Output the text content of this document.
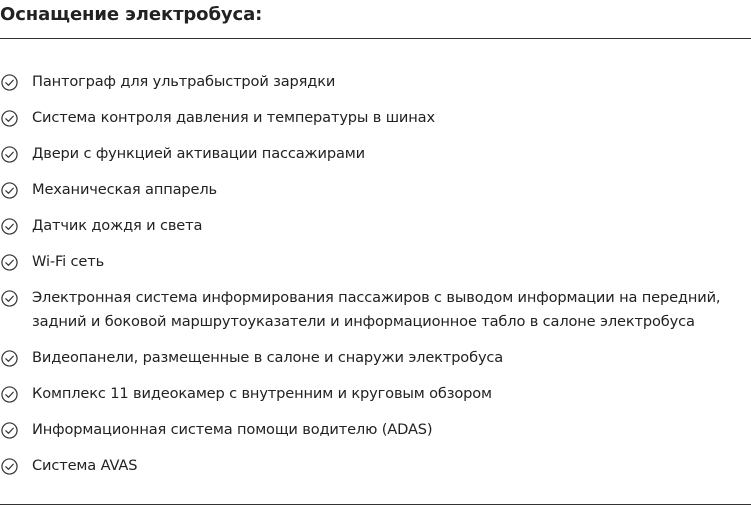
Оснащение электробуса:
Пантограф для ультрабыстрой зарядки
Система контроля давления и температуры в шинах
Двери с функцией активации пассажирами
Механическая аппарель
Датчик дождя и света
Wi-Fi сеть
Электронная система информирования пассажиров с выводом информации на передний, задний и боковой маршрутоуказатели и информационное табло в салоне электробуса
Видеопанели, размещенные в салоне и снаружи электробуса
Комплекс 11 видеокамер с внутренним и круговым обзором
Информационная система помощи водителю (ADAS)
Система AVAS
